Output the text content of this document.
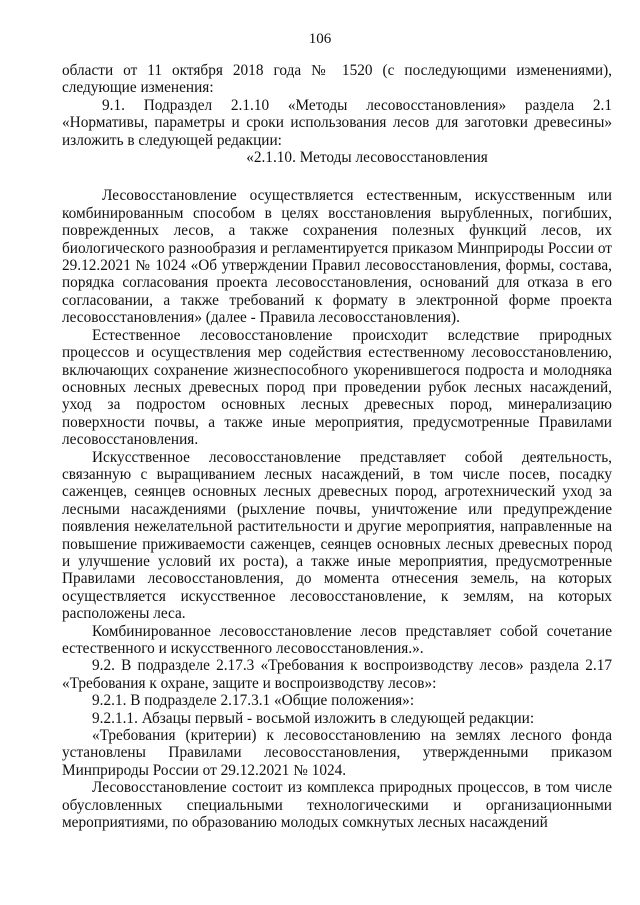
106

области от 11 октября 2018 года № 1520 (с последующими изменениями), следующие изменения:

9.1. Подраздел 2.1.10 «Методы лесовосстановления» раздела 2.1 «Нормативы, параметры и сроки использования лесов для заготовки древесины» изложить в следующей редакции:

«2.1.10. Методы лесовосстановления

Лесовосстановление осуществляется естественным, искусственным или комбинированным способом в целях восстановления вырубленных, погибших, поврежденных лесов, а также сохранения полезных функций лесов, их биологического разнообразия и регламентируется приказом Минприроды России от 29.12.2021 № 1024 «Об утверждении Правил лесовосстановления, формы, состава, порядка согласования проекта лесовосстановления, оснований для отказа в его согласовании, а также требований к формату в электронной форме проекта лесовосстановления» (далее - Правила лесовосстановления).

Естественное лесовосстановление происходит вследствие природных процессов и осуществления мер содействия естественному лесовосстановлению, включающих сохранение жизнеспособного укоренившегося подроста и молодняка основных лесных древесных пород при проведении рубок лесных насаждений, уход за подростом основных лесных древесных пород, минерализацию поверхности почвы, а также иные мероприятия, предусмотренные Правилами лесовосстановления.

Искусственное лесовосстановление представляет собой деятельность, связанную с выращиванием лесных насаждений, в том числе посев, посадку саженцев, сеянцев основных лесных древесных пород, агротехнический уход за лесными насаждениями (рыхление почвы, уничтожение или предупреждение появления нежелательной растительности и другие мероприятия, направленные на повышение приживаемости саженцев, сеянцев основных лесных древесных пород и улучшение условий их роста), а также иные мероприятия, предусмотренные Правилами лесовосстановления, до момента отнесения земель, на которых осуществляется искусственное лесовосстановление, к землям, на которых расположены леса.

Комбинированное лесовосстановление лесов представляет собой сочетание естественного и искусственного лесовосстановления.».

9.2. В подразделе 2.17.3 «Требования к воспроизводству лесов» раздела 2.17 «Требования к охране, защите и воспроизводству лесов»:

9.2.1. В подразделе 2.17.3.1 «Общие положения»:

9.2.1.1. Абзацы первый - восьмой изложить в следующей редакции:

«Требования (критерии) к лесовосстановлению на землях лесного фонда установлены Правилами лесовосстановления, утвержденными приказом Минприроды России от 29.12.2021 № 1024.

Лесовосстановление состоит из комплекса природных процессов, в том числе обусловленных специальными технологическими и организационными мероприятиями, по образованию молодых сомкнутых лесных насаждений
